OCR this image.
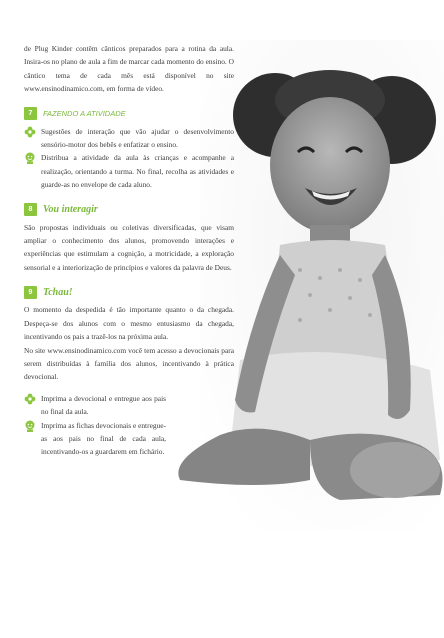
de Plug Kinder contêm cânticos preparados para a rotina da aula. Insira-os no plano de aula a fim de marcar cada momento do ensino. O cântico tema de cada mês está disponível no site www.ensinodinamico.com, em forma de vídeo.

7	FAZENDO A ATIVIDADE

Sugestões de interação que vão ajudar o desenvolvimento sensório-motor dos bebês e enfatizar o ensino.

Distribua a atividade da aula às crianças e acompanhe a realização, orientando a turma. No final, recolha as atividades e guarde-as no envelope de cada aluno.

8	Vou interagir

São propostas individuais ou coletivas diversificadas, que visam ampliar o conhecimento dos alunos, promovendo interações e experiências que estimulam a cognição, a motricidade, a exploração sensorial e a interiorização de princípios e valores da palavra de Deus.

9	Tchau!

O momento da despedida é tão importante quanto o da chegada. Despeça-se dos alunos com o mesmo entusiasmo da chegada, incentivando os pais a trazê-los na próxima aula.

No site www.ensinodinamico.com você tem acesso a devocionais para serem distribuídas à família dos alunos, incentivando à prática devocional.

Imprima a devocional e entregue aos pais no final da aula.

Imprima as fichas devocionais e entregue-as aos pais no final de cada aula, incentivando-os a guardarem em fichário.
